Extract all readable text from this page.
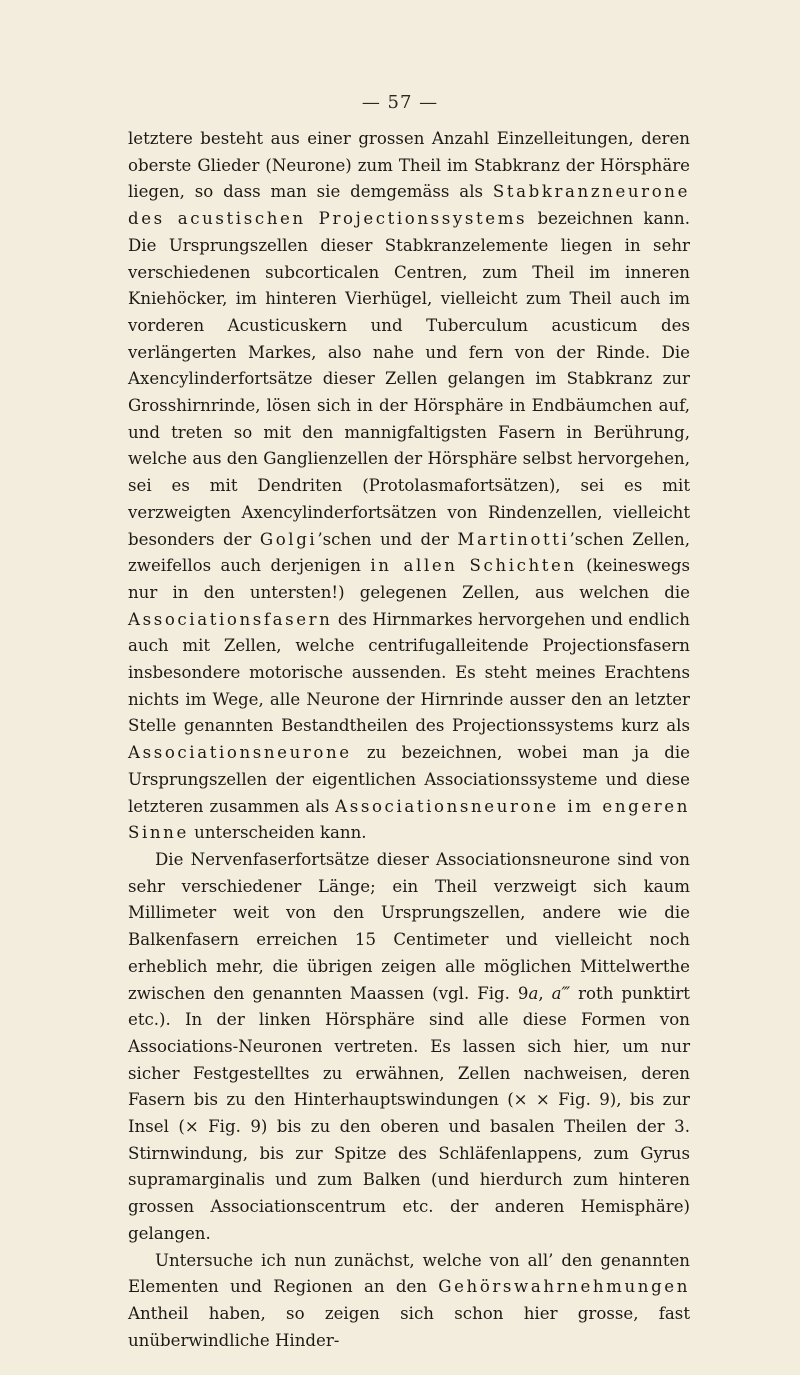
— 57 —

letztere besteht aus einer grossen Anzahl Einzelleitungen, deren oberste Glieder (Neurone) zum Theil im Stabkranz der Hörsphäre liegen, so dass man sie demgemäss als Stabkranzneurone des acustischen Projectionssystems bezeichnen kann. Die Ursprungszellen dieser Stabkranzelemente liegen in sehr verschiedenen subcorticalen Centren, zum Theil im inneren Kniehöcker, im hinteren Vierhügel, vielleicht zum Theil auch im vorderen Acusticuskern und Tuberculum acusticum des verlängerten Markes, also nahe und fern von der Rinde. Die Axencylinderfortsätze dieser Zellen gelangen im Stabkranz zur Grosshirnrinde, lösen sich in der Hörsphäre in Endbäumchen auf, und treten so mit den mannigfaltigsten Fasern in Berührung, welche aus den Ganglienzellen der Hörsphäre selbst hervorgehen, sei es mit Dendriten (Protolasmafortsätzen), sei es mit verzweigten Axencylinderfortsätzen von Rindenzellen, vielleicht besonders der Golgi’schen und der Martinotti’schen Zellen, zweifellos auch derjenigen in allen Schichten (keineswegs nur in den untersten!) gelegenen Zellen, aus welchen die Associationsfasern des Hirnmarkes hervorgehen und endlich auch mit Zellen, welche centrifugalleitende Projectionsfasern insbesondere motorische aussenden. Es steht meines Erachtens nichts im Wege, alle Neurone der Hirnrinde ausser den an letzter Stelle genannten Bestandtheilen des Projectionssystems kurz als Associationsneurone zu bezeichnen, wobei man ja die Ursprungszellen der eigentlichen Associationssysteme und diese letzteren zusammen als Associationsneurone im engeren Sinne unterscheiden kann.

Die Nervenfaserfortsätze dieser Associationsneurone sind von sehr verschiedener Länge; ein Theil verzweigt sich kaum Millimeter weit von den Ursprungszellen, andere wie die Balkenfasern erreichen 15 Centimeter und vielleicht noch erheblich mehr, die übrigen zeigen alle möglichen Mittelwerthe zwischen den genannten Maassen (vgl. Fig. 9a, a‴ roth punktirt etc.). In der linken Hörsphäre sind alle diese Formen von Associations-Neuronen vertreten. Es lassen sich hier, um nur sicher Festgestelltes zu erwähnen, Zellen nachweisen, deren Fasern bis zu den Hinterhauptswindungen (× × Fig. 9), bis zur Insel (× Fig. 9) bis zu den oberen und basalen Theilen der 3. Stirnwindung, bis zur Spitze des Schläfenlappens, zum Gyrus supramarginalis und zum Balken (und hierdurch zum hinteren grossen Associationscentrum etc. der anderen Hemisphäre) gelangen.

Untersuche ich nun zunächst, welche von all’ den genannten Elementen und Regionen an den Gehörswahrnehmungen Antheil haben, so zeigen sich schon hier grosse, fast unüberwindliche Hinder-
